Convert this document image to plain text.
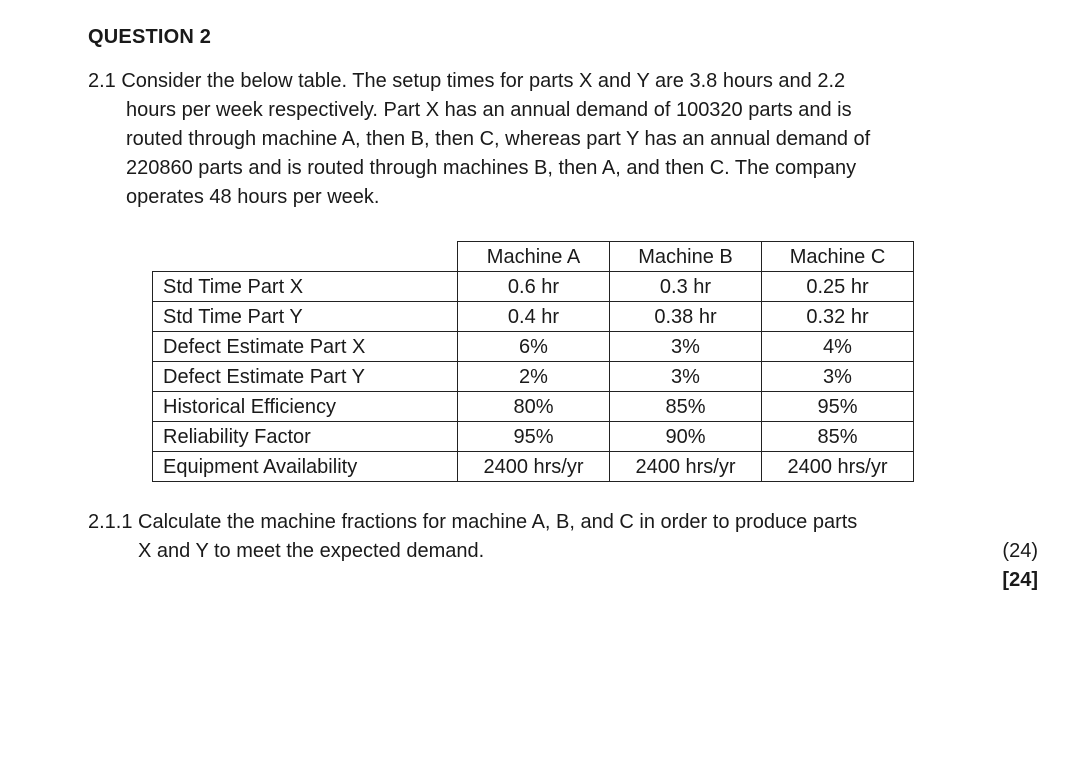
QUESTION 2
2.1 Consider the below table. The setup times for parts X and Y are 3.8 hours and 2.2
hours per week respectively. Part X has an annual demand of 100320 parts and is
routed through machine A, then B, then C, whereas part Y has an annual demand of
220860 parts and is routed through machines B, then A, and then C. The company
operates 48 hours per week.
	Machine A	Machine B	Machine C
Std Time Part X	0.6 hr	0.3 hr	0.25 hr
Std Time Part Y	0.4 hr	0.38 hr	0.32 hr
Defect Estimate Part X	6%	3%	4%
Defect Estimate Part Y	2%	3%	3%
Historical Efficiency	80%	85%	95%
Reliability Factor	95%	90%	85%
Equipment Availability	2400 hrs/yr	2400 hrs/yr	2400 hrs/yr
2.1.1 Calculate the machine fractions for machine A, B, and C in order to produce parts
X and Y to meet the expected demand.	(24)
[24]
